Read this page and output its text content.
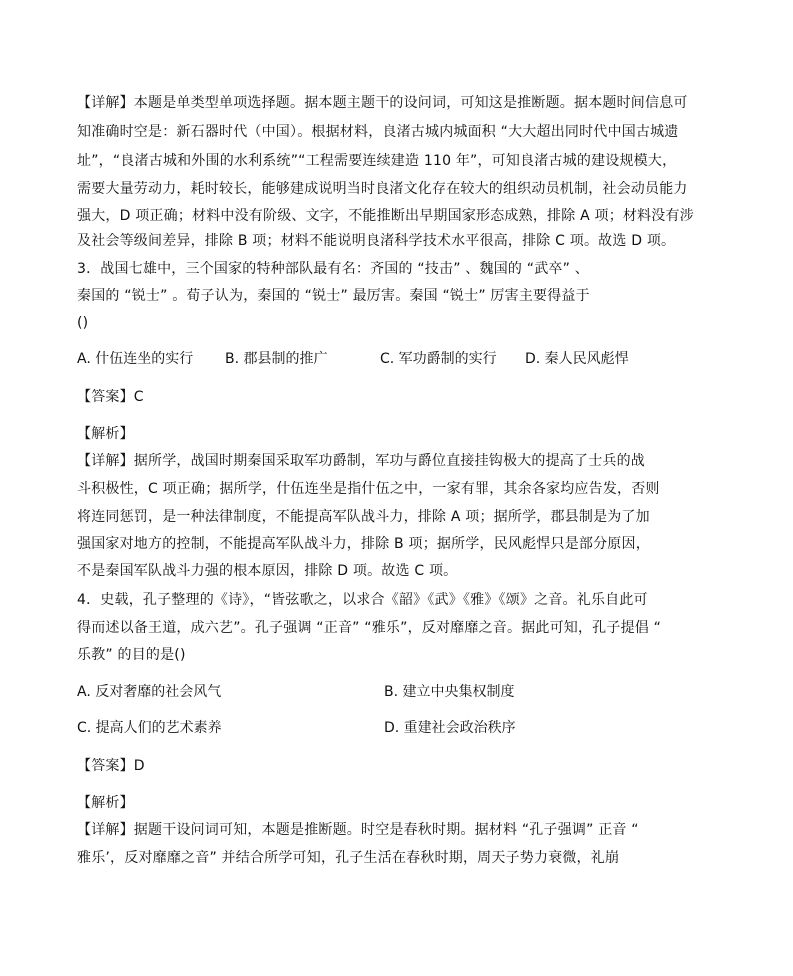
【详解】本题是单类型单项选择题。据本题主题干的设问词，可知这是推断题。据本题时间信息可
知准确时空是：新石器时代（中国）。根据材料，良渚古城内城面积 “大大超出同时代中国古城遗
址”，“良渚古城和外围的水利系统”“工程需要连续建造 110 年”，可知良渚古城的建设规模大，
需要大量劳动力，耗时较长，能够建成说明当时良渚文化存在较大的组织动员机制，社会动员能力
强大，D 项正确；材料中没有阶级、文字，不能推断出早期国家形态成熟，排除 A 项；材料没有涉
及社会等级间差异，排除 B 项；材料不能说明良渚科学技术水平很高，排除 C 项。故选 D 项。
3．战国七雄中，三个国家的特种部队最有名：齐国的 “技击” 、魏国的 “武卒” 、
秦国的 “锐士” 。荀子认为，秦国的 “锐士” 最厉害。秦国 “锐士” 厉害主要得益于
()
A. 什伍连坐的实行 B. 郡县制的推广	C. 军功爵制的实行 D. 秦人民风彪悍
【答案】C
【解析】
【详解】据所学，战国时期秦国采取军功爵制，军功与爵位直接挂钩极大的提高了士兵的战
斗积极性，C 项正确；据所学，什伍连坐是指什伍之中，一家有罪，其余各家均应告发，否则
将连同惩罚，是一种法律制度，不能提高军队战斗力，排除 A 项；据所学，郡县制是为了加
强国家对地方的控制，不能提高军队战斗力，排除 B 项；据所学，民风彪悍只是部分原因，
不是秦国军队战斗力强的根本原因，排除 D 项。故选 C 项。
4．史载，孔子整理的《诗》，“皆弦歌之，以求合《韶》《武》《雅》《颂》之音。礼乐自此可
得而述以备王道，成六艺”。孔子强调 “正音” “雅乐”，反对靡靡之音。据此可知，孔子提倡 “
乐教” 的目的是()
A. 反对奢靡的社会风气	B. 建立中央集权制度
C. 提高人们的艺术素养	D. 重建社会政治秩序
【答案】D
【解析】
【详解】据题干设问词可知，本题是推断题。时空是春秋时期。据材料 “孔子强调” 正音 “
雅乐’，反对靡靡之音” 并结合所学可知，孔子生活在春秋时期，周天子势力衰微，礼崩
